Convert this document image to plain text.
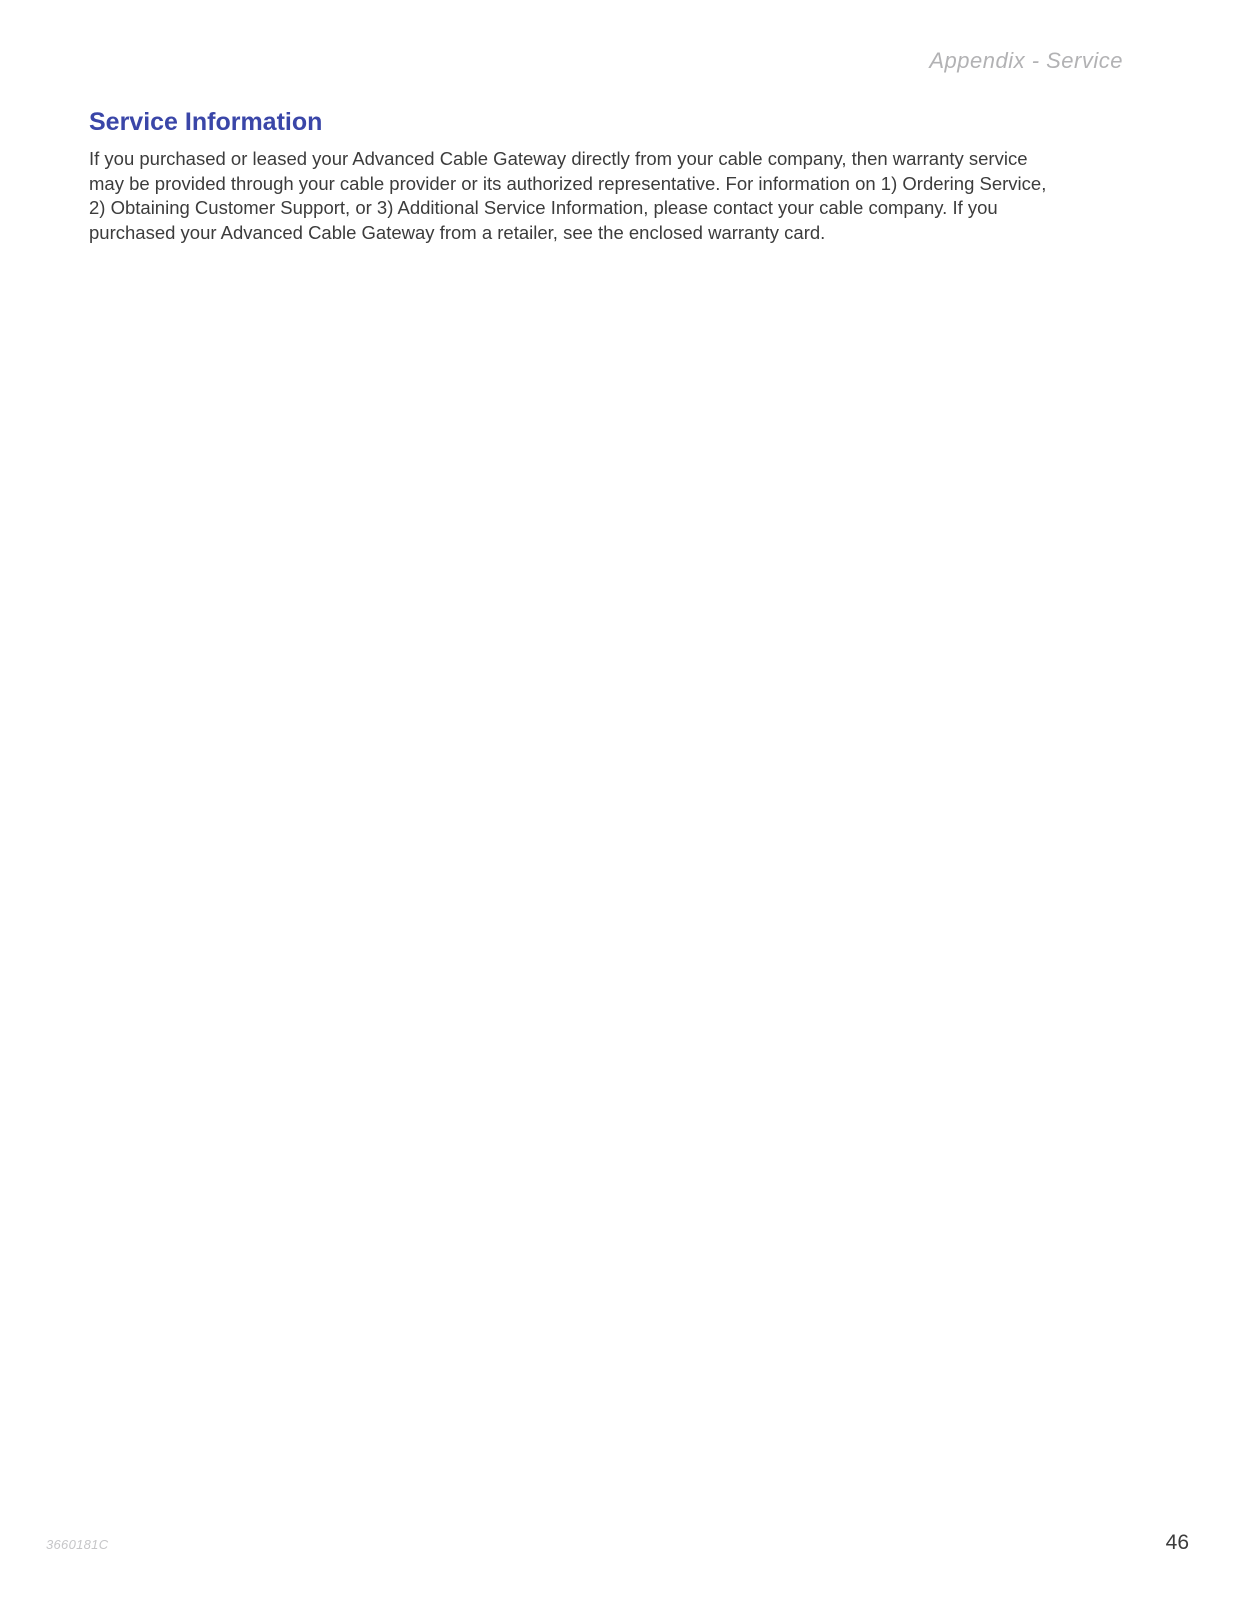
Appendix - Service
Service Information
If you purchased or leased your Advanced Cable Gateway directly from your cable company, then warranty service
may be provided through your cable provider or its authorized representative. For information on 1) Ordering Service,
2) Obtaining Customer Support, or 3) Additional Service Information, please contact your cable company. If you
purchased your Advanced Cable Gateway from a retailer, see the enclosed warranty card.
3660181C	46
